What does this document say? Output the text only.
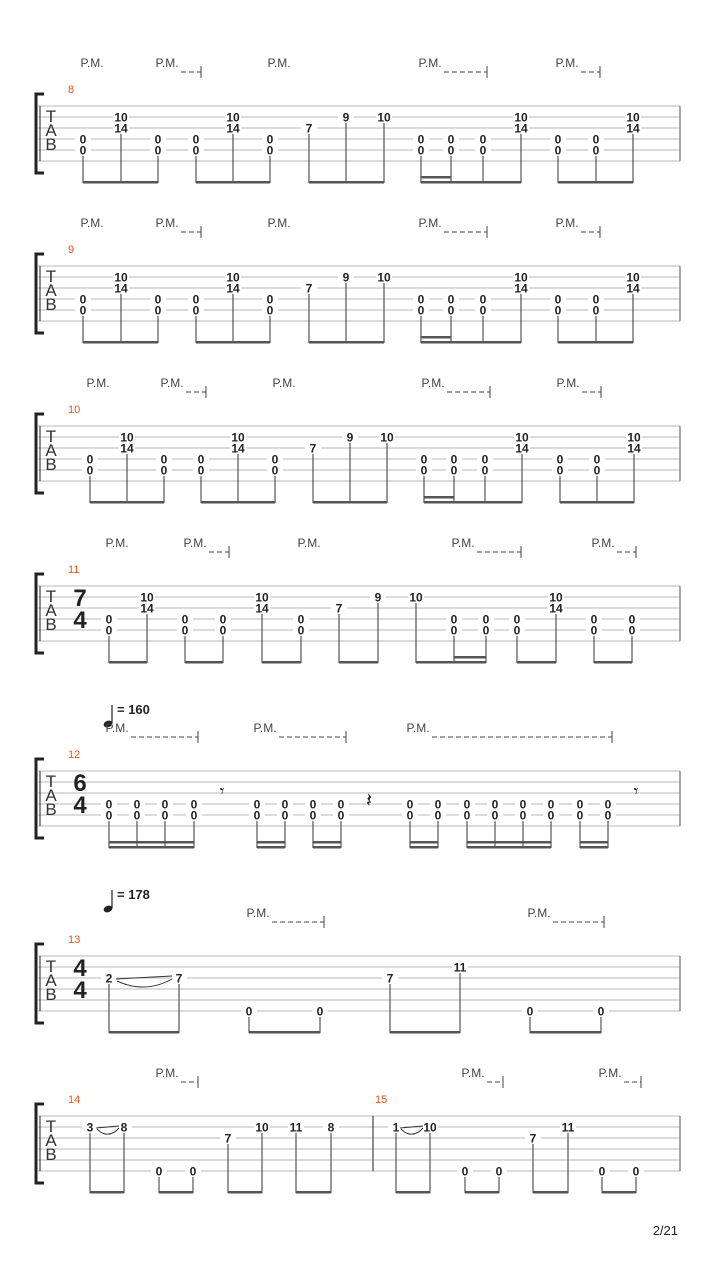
T
A
B
8
P.M.	P.M.	P.M.	P.M.	P.M.
0
0
10
14
0
0
0
0
10
14
0
0
7
9 10
0
0
0
0
0
0
10
14
0
0
0
0
10
14
T
A
B
9
P.M.	P.M.	P.M.	P.M.	P.M.
0
0
10
14
0
0
0
0
10
14
0
0
7
9 10
0
0
0
0
0
0
10
14
0
0
0
0
10
14
T
A
B
10
P.M.	P.M.	P.M.	P.M.	P.M.
0
0
10
14
0
0
0
0
10
14
0
0
7
9 10
0
0
0
0
0
0
10
14
0
0
0
0
10
14
T
A
B
7
4
11
P.M.	P.M.	P.M.	P.M.	P.M.
0
0
10
14
0
0
0
0
10
14
0
0
7
9 10
0
0
0
0
0
0
10
14
0
0
0
0
T
A
B
6
4
= 160
12
P.M.	P.M.	P.M.
0
0
0
0
0
0
0
0
0
0
0
0
0
0
0
0
0
0
0
0
0
0
0
0
0
0
0
0
0
0
0
0
𝄾	𝄽	𝄾
T
A
B
4
4
= 178
13
P.M.	P.M.
2	7
0	0
7
11
0	0
T
A
B
14
P.M.
3 8
0 0
7
10 11 8
15
P.M.	P.M.
1 10
0 0
7
11
0 0
2/21
